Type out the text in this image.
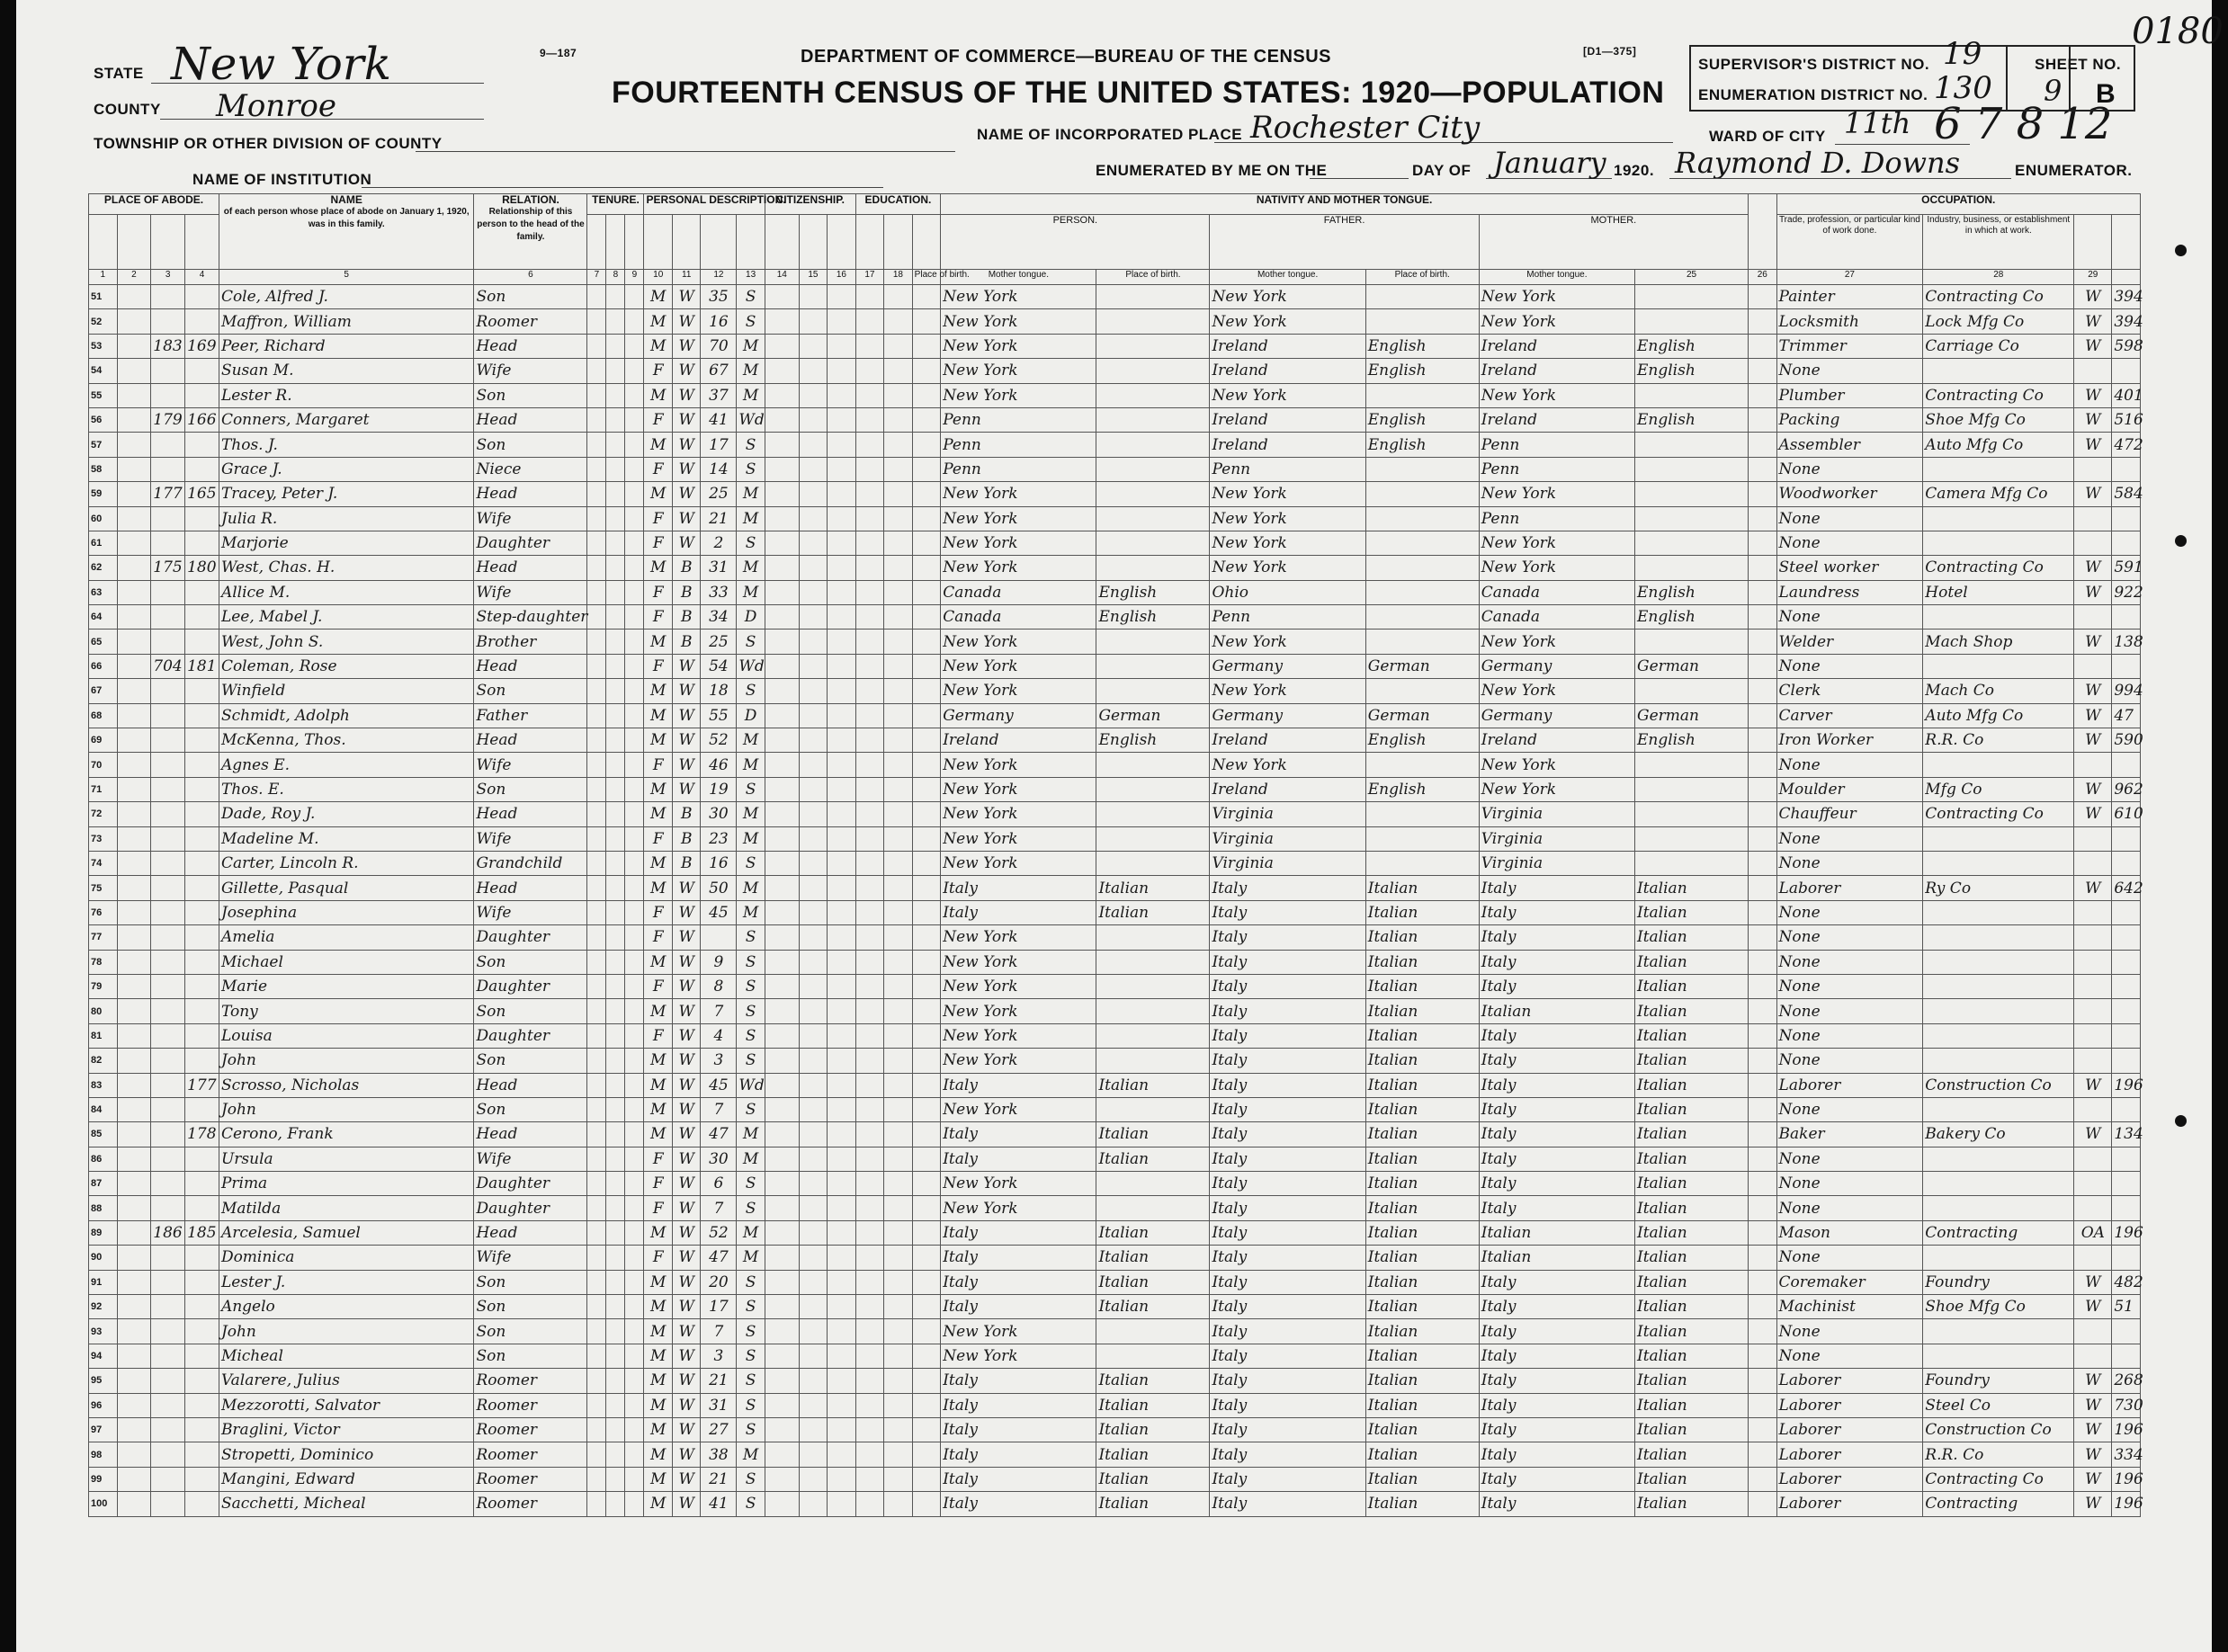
9—187	DEPARTMENT OF COMMERCE—BUREAU OF THE CENSUS	[D1—375]
FOURTEENTH CENSUS OF THE UNITED STATES: 1920—POPULATION
0180
STATE New York
COUNTY Monroe
TOWNSHIP OR OTHER DIVISION OF COUNTY
NAME OF INSTITUTION
NAME OF INCORPORATED PLACE Rochester City
ENUMERATED BY ME ON THE	DAY OF January 1920. Raymond D. Downs	ENUMERATOR.
WARD OF CITY 11th 6 7 8 12
SUPERVISOR'S DISTRICT NO. 19
ENUMERATION DISTRICT NO. 130
SHEET NO.
9 B
PLACE OF ABODE.				NAME
of each person whose place of abode on January 1, 1920, was in this family.	RELATION.
Relationship of this person to the head of the family.	TENURE.			PERSONAL DESCRIPTION.				CITIZENSHIP.			EDUCATION.			NATIVITY AND MOTHER TONGUE.							OCCUPATION.			
																			PERSON.		FATHER.		MOTHER.			Trade, profession, or particular kind of work done.	Industry, business, or establishment in which at work.		
1	2	3	4	5	6	7	8	9	10	11	12	13	14	15	16	17	18	Place of birth.	Mother tongue.	Place of birth.	Mother tongue.	Place of birth.	Mother tongue.	25	26	27	28	29	
51				Cole, Alfred J.	Son				M	W	35	S							New York		New York		New York			Painter	Contracting Co	W	394
52				Maffron, William	Roomer				M	W	16	S							New York		New York		New York			Locksmith	Lock Mfg Co	W	394
53		183	169	Peer, Richard	Head				M	W	70	M							New York		Ireland	English	Ireland	English		Trimmer	Carriage Co	W	598
54				Susan M.	Wife				F	W	67	M							New York		Ireland	English	Ireland	English		None			
55				Lester R.	Son				M	W	37	M							New York		New York		New York			Plumber	Contracting Co	W	401
56		179	166	Conners, Margaret	Head				F	W	41	Wd							Penn		Ireland	English	Ireland	English		Packing	Shoe Mfg Co	W	516
57				Thos. J.	Son				M	W	17	S							Penn		Ireland	English	Penn			Assembler	Auto Mfg Co	W	472
58				Grace J.	Niece				F	W	14	S							Penn		Penn		Penn			None			
59		177	165	Tracey, Peter J.	Head				M	W	25	M							New York		New York		New York			Woodworker	Camera Mfg Co	W	584
60				Julia R.	Wife				F	W	21	M							New York		New York		Penn			None			
61				Marjorie	Daughter				F	W	2	S							New York		New York		New York			None			
62		175	180	West, Chas. H.	Head				M	B	31	M							New York		New York		New York			Steel worker	Contracting Co	W	591
63				Allice M.	Wife				F	B	33	M							Canada	English	Ohio		Canada	English		Laundress	Hotel	W	922
64				Lee, Mabel J.	Step-daughter				F	B	34	D							Canada	English	Penn		Canada	English		None			
65				West, John S.	Brother				M	B	25	S							New York		New York		New York			Welder	Mach Shop	W	138
66		704	181	Coleman, Rose	Head				F	W	54	Wd							New York		Germany	German	Germany	German		None			
67				Winfield	Son				M	W	18	S							New York		New York		New York			Clerk	Mach Co	W	994
68				Schmidt, Adolph	Father				M	W	55	D							Germany	German	Germany	German	Germany	German		Carver	Auto Mfg Co	W	47
69				McKenna, Thos.	Head				M	W	52	M							Ireland	English	Ireland	English	Ireland	English		Iron Worker	R.R. Co	W	590
70				Agnes E.	Wife				F	W	46	M							New York		New York		New York			None			
71				Thos. E.	Son				M	W	19	S							New York		Ireland	English	New York			Moulder	Mfg Co	W	962
72				Dade, Roy J.	Head				M	B	30	M							New York		Virginia		Virginia			Chauffeur	Contracting Co	W	610
73				Madeline M.	Wife				F	B	23	M							New York		Virginia		Virginia			None			
74				Carter, Lincoln R.	Grandchild				M	B	16	S							New York		Virginia		Virginia			None			
75				Gillette, Pasqual	Head				M	W	50	M							Italy	Italian	Italy	Italian	Italy	Italian		Laborer	Ry Co	W	642
76				Josephina	Wife				F	W	45	M							Italy	Italian	Italy	Italian	Italy	Italian		None			
77				Amelia	Daughter				F	W		S							New York		Italy	Italian	Italy	Italian		None			
78				Michael	Son				M	W	9	S							New York		Italy	Italian	Italy	Italian		None			
79				Marie	Daughter				F	W	8	S							New York		Italy	Italian	Italy	Italian		None			
80				Tony	Son				M	W	7	S							New York		Italy	Italian	Italian	Italian		None			
81				Louisa	Daughter				F	W	4	S							New York		Italy	Italian	Italy	Italian		None			
82				John	Son				M	W	3	S							New York		Italy	Italian	Italy	Italian		None			
83			177	Scrosso, Nicholas	Head				M	W	45	Wd							Italy	Italian	Italy	Italian	Italy	Italian		Laborer	Construction Co	W	196
84				John	Son				M	W	7	S							New York		Italy	Italian	Italy	Italian		None			
85			178	Cerono, Frank	Head				M	W	47	M							Italy	Italian	Italy	Italian	Italy	Italian		Baker	Bakery Co	W	134
86				Ursula	Wife				F	W	30	M							Italy	Italian	Italy	Italian	Italy	Italian		None			
87				Prima	Daughter				F	W	6	S							New York		Italy	Italian	Italy	Italian		None			
88				Matilda	Daughter				F	W	7	S							New York		Italy	Italian	Italy	Italian		None			
89		186	185	Arcelesia, Samuel	Head				M	W	52	M							Italy	Italian	Italy	Italian	Italian	Italian		Mason	Contracting	OA	196
90				Dominica	Wife				F	W	47	M							Italy	Italian	Italy	Italian	Italian	Italian		None			
91				Lester J.	Son				M	W	20	S							Italy	Italian	Italy	Italian	Italy	Italian		Coremaker	Foundry	W	482
92				Angelo	Son				M	W	17	S							Italy	Italian	Italy	Italian	Italy	Italian		Machinist	Shoe Mfg Co	W	51
93				John	Son				M	W	7	S							New York		Italy	Italian	Italy	Italian		None			
94				Micheal	Son				M	W	3	S							New York		Italy	Italian	Italy	Italian		None			
95				Valarere, Julius	Roomer				M	W	21	S							Italy	Italian	Italy	Italian	Italy	Italian		Laborer	Foundry	W	268
96				Mezzorotti, Salvator	Roomer				M	W	31	S							Italy	Italian	Italy	Italian	Italy	Italian		Laborer	Steel Co	W	730
97				Braglini, Victor	Roomer				M	W	27	S							Italy	Italian	Italy	Italian	Italy	Italian		Laborer	Construction Co	W	196
98				Stropetti, Dominico	Roomer				M	W	38	M							Italy	Italian	Italy	Italian	Italy	Italian		Laborer	R.R. Co	W	334
99				Mangini, Edward	Roomer				M	W	21	S							Italy	Italian	Italy	Italian	Italy	Italian		Laborer	Contracting Co	W	196
100				Sacchetti, Micheal	Roomer				M	W	41	S							Italy	Italian	Italy	Italian	Italy	Italian		Laborer	Contracting	W	196
